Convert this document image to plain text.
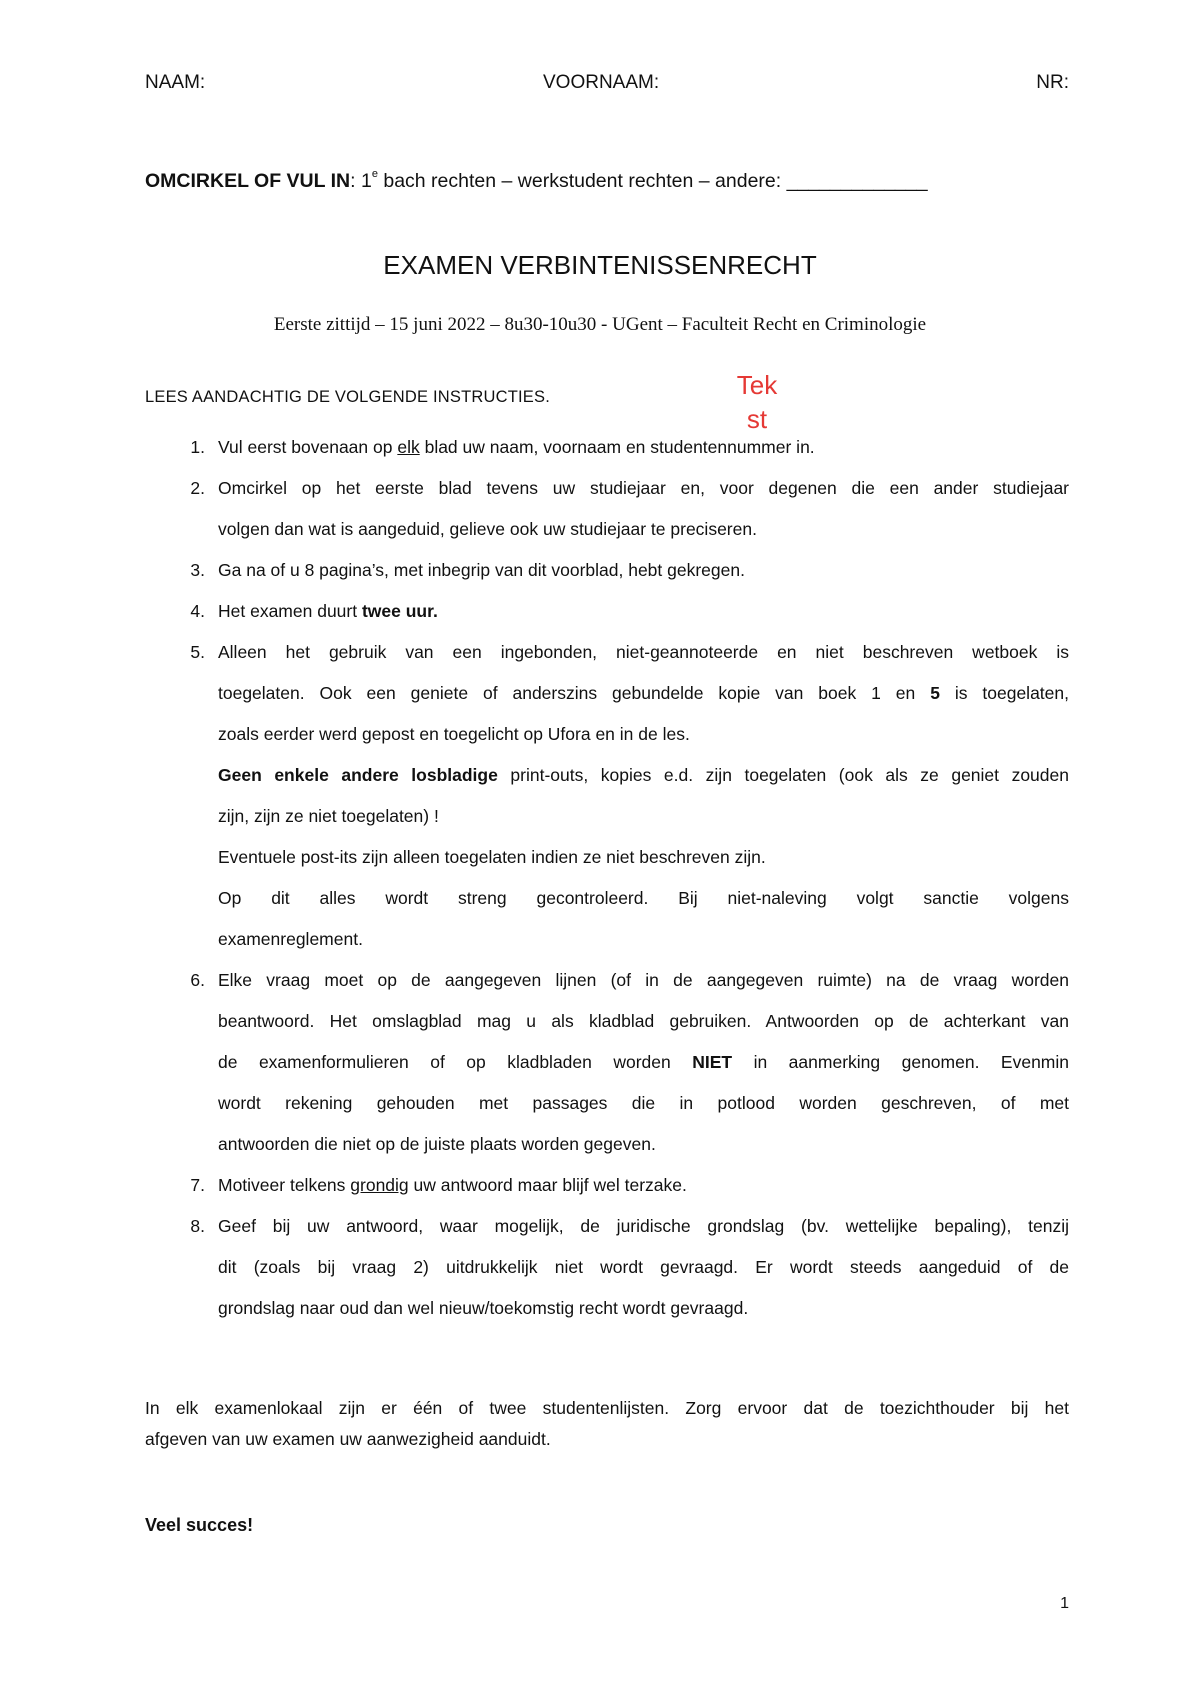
NAAM:	VOORNAAM:	NR:
OMCIRKEL OF VUL IN: 1e bach rechten – werkstudent rechten – andere: _____________
EXAMEN VERBINTENISSENRECHT
Eerste zittijd – 15 juni 2022 – 8u30-10u30 - UGent – Faculteit Recht en Criminologie
LEES AANDACHTIG DE VOLGENDE INSTRUCTIES.	Tek
st
1. Vul eerst bovenaan op elk blad uw naam, voornaam en studentennummer in.
2. Omcirkel op het eerste blad tevens uw studiejaar en, voor degenen die een ander studiejaar
volgen dan wat is aangeduid, gelieve ook uw studiejaar te preciseren.
3. Ga na of u 8 pagina’s, met inbegrip van dit voorblad, hebt gekregen.
4. Het examen duurt twee uur.
5. Alleen het gebruik van een ingebonden, niet-geannoteerde en niet beschreven wetboek is
toegelaten. Ook een geniete of anderszins gebundelde kopie van boek 1 en 5 is toegelaten,
zoals eerder werd gepost en toegelicht op Ufora en in de les.
Geen enkele andere losbladige print-outs, kopies e.d. zijn toegelaten (ook als ze geniet zouden
zijn, zijn ze niet toegelaten) !
Eventuele post-its zijn alleen toegelaten indien ze niet beschreven zijn.
Op dit alles wordt streng gecontroleerd. Bij niet-naleving volgt sanctie volgens
examenreglement.
6. Elke vraag moet op de aangegeven lijnen (of in de aangegeven ruimte) na de vraag worden
beantwoord. Het omslagblad mag u als kladblad gebruiken. Antwoorden op de achterkant van
de examenformulieren of op kladbladen worden NIET in aanmerking genomen. Evenmin
wordt rekening gehouden met passages die in potlood worden geschreven, of met
antwoorden die niet op de juiste plaats worden gegeven.
7. Motiveer telkens grondig uw antwoord maar blijf wel terzake.
8. Geef bij uw antwoord, waar mogelijk, de juridische grondslag (bv. wettelijke bepaling), tenzij
dit (zoals bij vraag 2) uitdrukkelijk niet wordt gevraagd. Er wordt steeds aangeduid of de
grondslag naar oud dan wel nieuw/toekomstig recht wordt gevraagd.
In elk examenlokaal zijn er één of twee studentenlijsten. Zorg ervoor dat de toezichthouder bij het
afgeven van uw examen uw aanwezigheid aanduidt.
Veel succes!
1
